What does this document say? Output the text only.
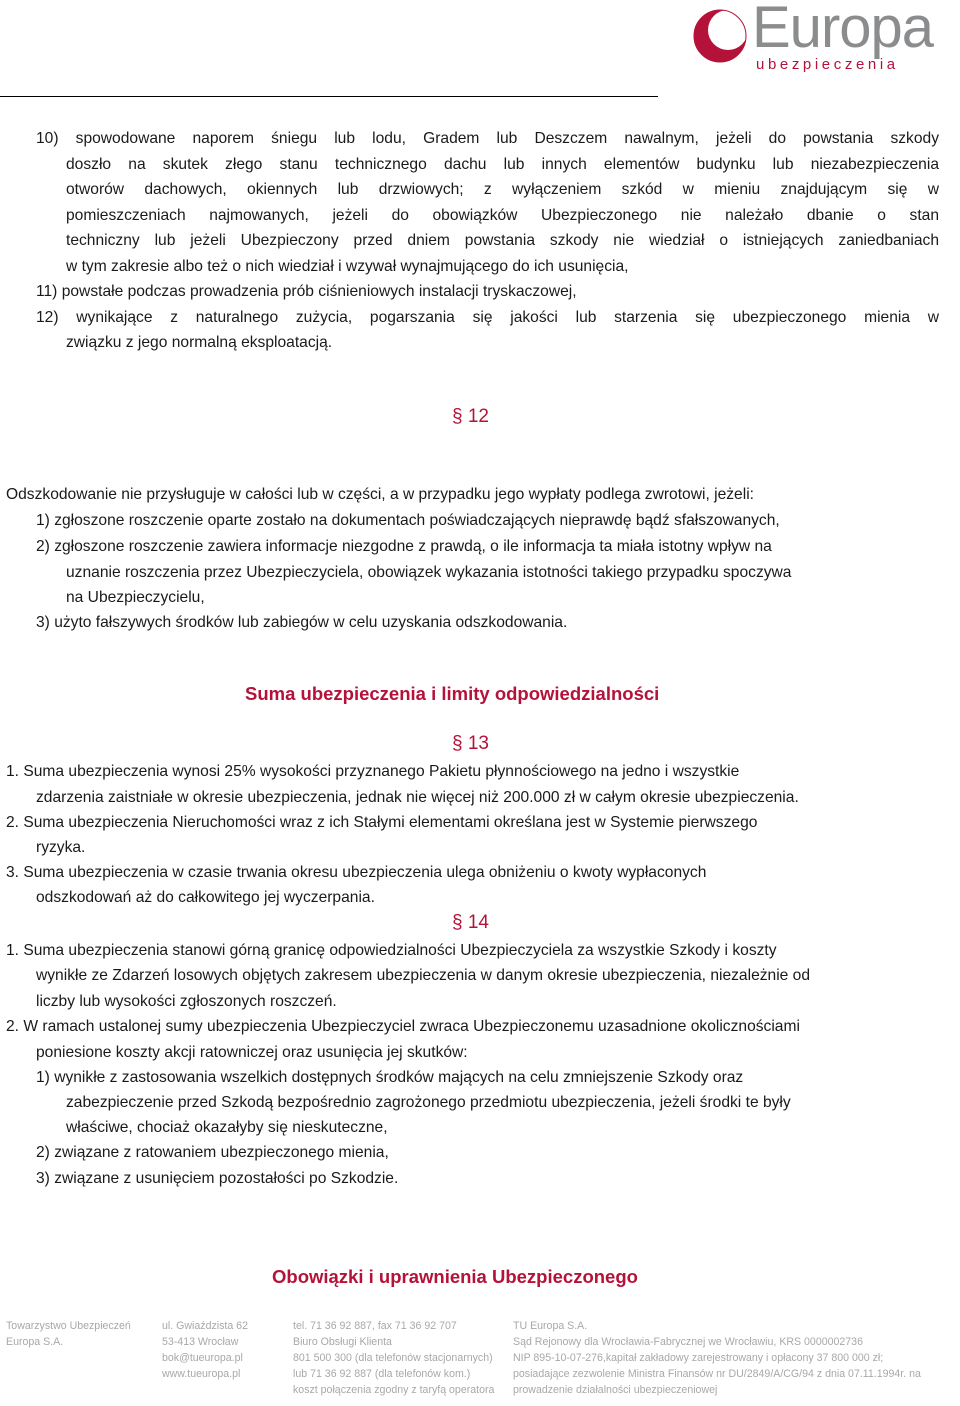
Europa
ubezpieczenia
10) spowodowane naporem śniegu lub lodu, Gradem lub Deszczem nawalnym, jeżeli do powstania szkody
doszło na skutek złego stanu technicznego dachu lub innych elementów budynku lub niezabezpieczenia
otworów dachowych, okiennych lub drzwiowych; z wyłączeniem szkód w mieniu znajdującym się w
pomieszczeniach najmowanych, jeżeli do obowiązków Ubezpieczonego nie należało dbanie o stan
techniczny lub jeżeli Ubezpieczony przed dniem powstania szkody nie wiedział o istniejących zaniedbaniach
w tym zakresie albo też o nich wiedział i wzywał wynajmującego do ich usunięcia,
11) powstałe podczas prowadzenia prób ciśnieniowych instalacji tryskaczowej,
12) wynikające z naturalnego zużycia, pogarszania się jakości lub starzenia się ubezpieczonego mienia w
związku z jego normalną eksploatacją.
§ 12
Odszkodowanie nie przysługuje w całości lub w części, a w przypadku jego wypłaty podlega zwrotowi, jeżeli:
1) zgłoszone roszczenie oparte zostało na dokumentach poświadczających nieprawdę bądź sfałszowanych,
2) zgłoszone roszczenie zawiera informacje niezgodne z prawdą, o ile informacja ta miała istotny wpływ na
uznanie roszczenia przez Ubezpieczyciela, obowiązek wykazania istotności takiego przypadku spoczywa
na Ubezpieczycielu,
3) użyto fałszywych środków lub zabiegów w celu uzyskania odszkodowania.
Suma ubezpieczenia i limity odpowiedzialności
§ 13
1. Suma ubezpieczenia wynosi 25% wysokości przyznanego Pakietu płynnościowego na jedno i wszystkie
zdarzenia zaistniałe w okresie ubezpieczenia, jednak nie więcej niż 200.000 zł w całym okresie ubezpieczenia.
2. Suma ubezpieczenia Nieruchomości wraz z ich Stałymi elementami określana jest w Systemie pierwszego
ryzyka.
3. Suma ubezpieczenia w czasie trwania okresu ubezpieczenia ulega obniżeniu o kwoty wypłaconych
odszkodowań aż do całkowitego jej wyczerpania.
§ 14
1. Suma ubezpieczenia stanowi górną granicę odpowiedzialności Ubezpieczyciela za wszystkie Szkody i koszty
wynikłe ze Zdarzeń losowych objętych zakresem ubezpieczenia w danym okresie ubezpieczenia, niezależnie od
liczby lub wysokości zgłoszonych roszczeń.
2. W ramach ustalonej sumy ubezpieczenia Ubezpieczyciel zwraca Ubezpieczonemu uzasadnione okolicznościami
poniesione koszty akcji ratowniczej oraz usunięcia jej skutków:
1) wynikłe z zastosowania wszelkich dostępnych środków mających na celu zmniejszenie Szkody oraz
zabezpieczenie przed Szkodą bezpośrednio zagrożonego przedmiotu ubezpieczenia, jeżeli środki te były
właściwe, chociaż okazałyby się nieskuteczne,
2) związane z ratowaniem ubezpieczonego mienia,
3) związane z usunięciem pozostałości po Szkodzie.
Obowiązki i uprawnienia Ubezpieczonego
Towarzystwo Ubezpieczeń
Europa S.A.
ul. Gwiaździsta 62
53-413 Wrocław
bok@tueuropa.pl
www.tueuropa.pl
tel. 71 36 92 887, fax 71 36 92 707
Biuro Obsługi Klienta
801 500 300 (dla telefonów stacjonarnych)
lub 71 36 92 887 (dla telefonów kom.)
koszt połączenia zgodny z taryfą operatora
TU Europa S.A.
Sąd Rejonowy dla Wrocławia-Fabrycznej we Wrocławiu, KRS 0000002736
NIP 895-10-07-276,kapitał zakładowy zarejestrowany i opłacony 37 800 000 zł;
posiadające zezwolenie Ministra Finansów nr DU/2849/A/CG/94 z dnia 07.11.1994r. na
prowadzenie działalności ubezpieczeniowej
